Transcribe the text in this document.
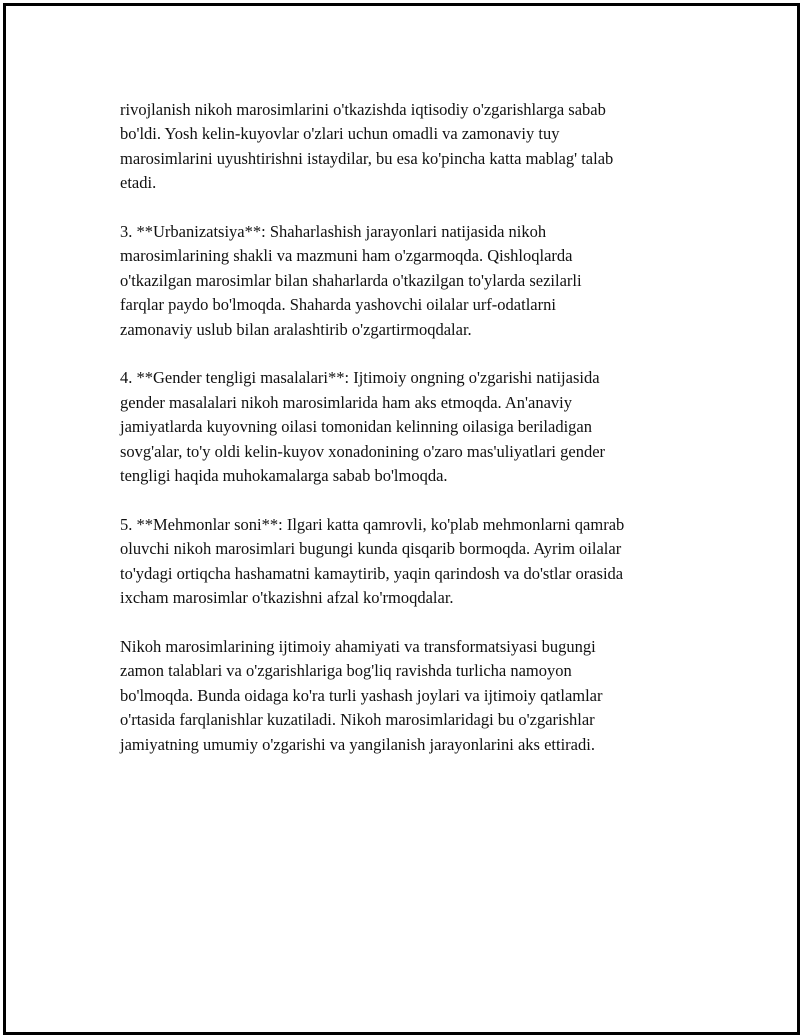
rivojlanish nikoh marosimlarini o'tkazishda iqtisodiy o'zgarishlarga sabab
bo'ldi. Yosh kelin-kuyovlar o'zlari uchun omadli va zamonaviy tuy
marosimlarini uyushtirishni istaydilar, bu esa ko'pincha katta mablag' talab
etadi.

3. **Urbanizatsiya**: Shaharlashish jarayonlari natijasida nikoh
marosimlarining shakli va mazmuni ham o'zgarmoqda. Qishloqlarda
o'tkazilgan marosimlar bilan shaharlarda o'tkazilgan to'ylarda sezilarli
farqlar paydo bo'lmoqda. Shaharda yashovchi oilalar urf-odatlarni
zamonaviy uslub bilan aralashtirib o'zgartirmoqdalar.

4. **Gender tengligi masalalari**: Ijtimoiy ongning o'zgarishi natijasida
gender masalalari nikoh marosimlarida ham aks etmoqda. An'anaviy
jamiyatlarda kuyovning oilasi tomonidan kelinning oilasiga beriladigan
sovg'alar, to'y oldi kelin-kuyov xonadonining o'zaro mas'uliyatlari gender
tengligi haqida muhokamalarga sabab bo'lmoqda.

5. **Mehmonlar soni**: Ilgari katta qamrovli, ko'plab mehmonlarni qamrab
oluvchi nikoh marosimlari bugungi kunda qisqarib bormoqda. Ayrim oilalar
to'ydagi ortiqcha hashamatni kamaytirib, yaqin qarindosh va do'stlar orasida
ixcham marosimlar o'tkazishni afzal ko'rmoqdalar.

Nikoh marosimlarining ijtimoiy ahamiyati va transformatsiyasi bugungi
zamon talablari va o'zgarishlariga bog'liq ravishda turlicha namoyon
bo'lmoqda. Bunda oidaga ko'ra turli yashash joylari va ijtimoiy qatlamlar
o'rtasida farqlanishlar kuzatiladi. Nikoh marosimlaridagi bu o'zgarishlar
jamiyatning umumiy o'zgarishi va yangilanish jarayonlarini aks ettiradi.
